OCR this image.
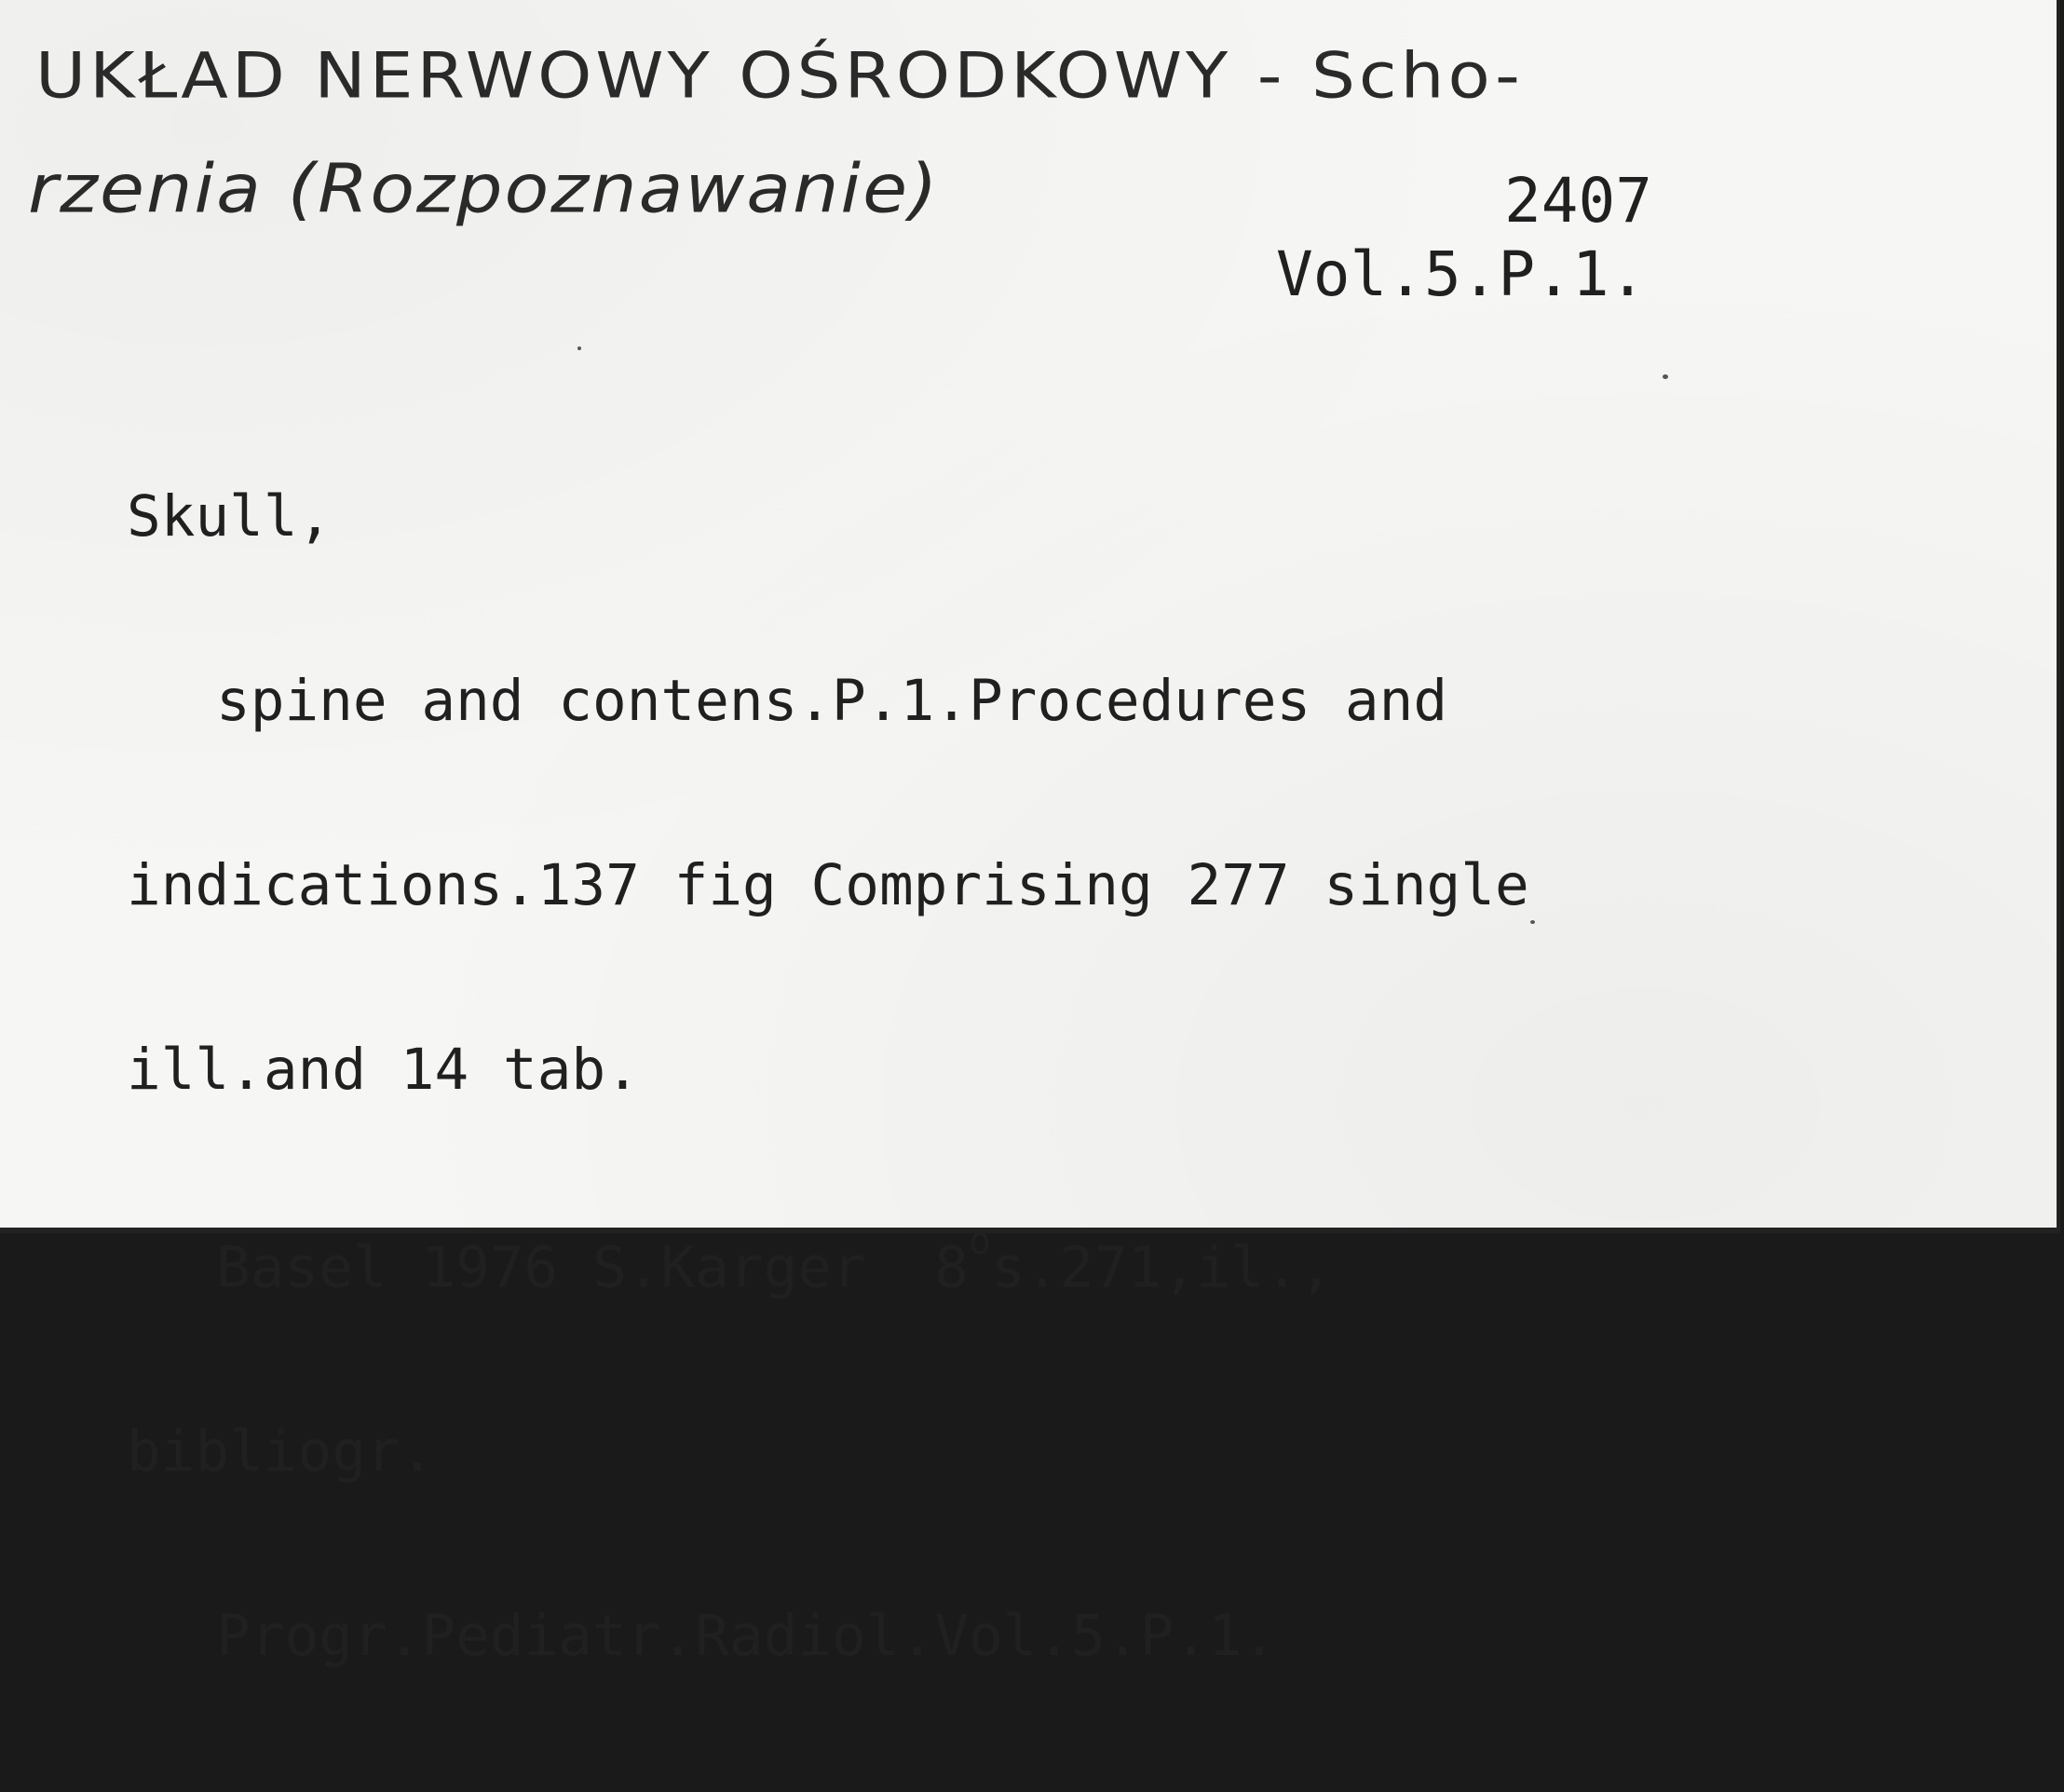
UKŁAD NERWOWY OŚRODKOWY - Scho-
rzenia (Rozpoznawanie)	2407
Vol.5.P.1.

Skull,

spine and contens.P.1.Procedures and

indications.137 fig Comprising 277 single

ill.and 14 tab.

Basel 1976 S.Karger  8$^o$s.271,il.,

bibliogr.

Progr.Pediatr.Radiol.Vol.5.P.1.
